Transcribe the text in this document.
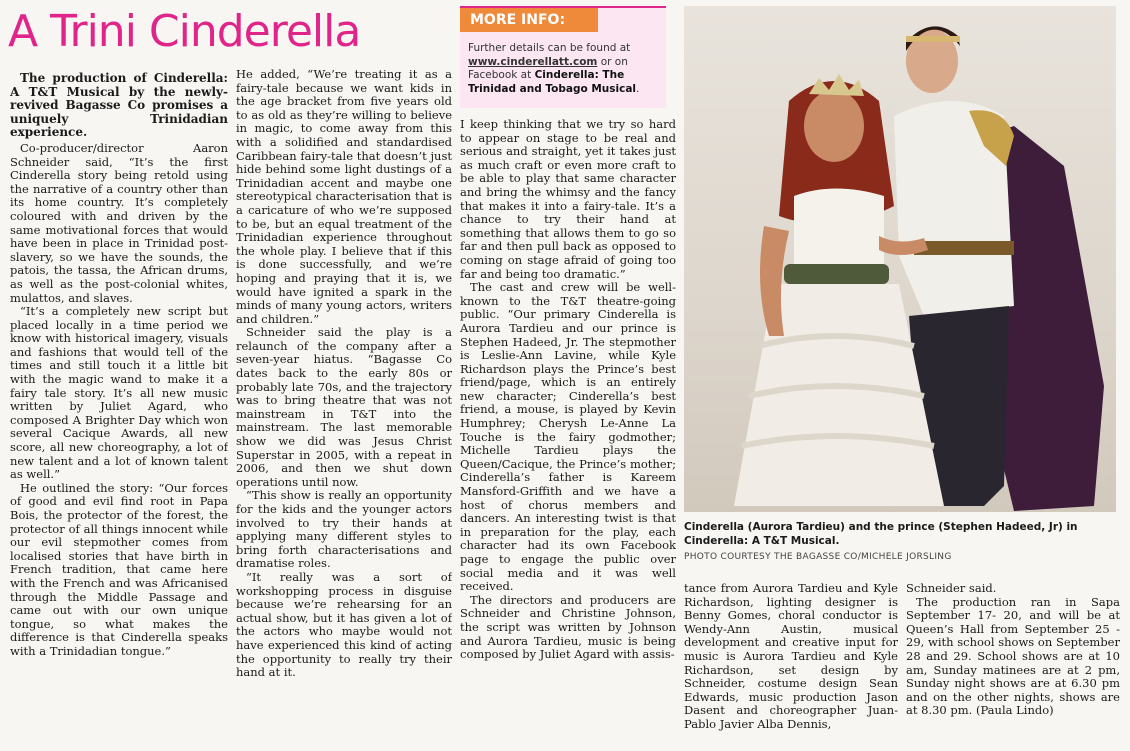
A Trini Cinderella

The production of Cinderella: A T&T Musical by the newly-revived Bagasse Co promises a uniquely Trinidadian experience.

Co-producer/director Aaron Schneider said, “It’s the first Cinderella story being retold using the narrative of a country other than its home country. It’s completely coloured with and driven by the same motivational forces that would have been in place in Trinidad post-slavery, so we have the sounds, the patois, the tassa, the African drums, as well as the post-colonial whites, mulattos, and slaves.

“It’s a completely new script but placed locally in a time period we know with historical imagery, visuals and fashions that would tell of the times and still touch it a little bit with the magic wand to make it a fairy tale story. It’s all new music written by Juliet Agard, who composed A Brighter Day which won several Cacique Awards, all new score, all new choreography, a lot of new talent and a lot of known talent as well.”

He outlined the story: “Our forces of good and evil find root in Papa Bois, the protector of the forest, the protector of all things innocent while our evil stepmother comes from localised stories that have birth in French tradition, that came here with the French and was Africanised through the Middle Passage and came out with our own unique tongue, so what makes the difference is that Cinderella speaks with a Trinidadian tongue.”

He added, “We’re treating it as a fairy-tale because we want kids in the age bracket from five years old to as old as they’re willing to believe in magic, to come away from this with a solidified and standardised Caribbean fairy-tale that doesn’t just hide behind some light dustings of a Trinidadian accent and maybe one stereotypical characterisation that is a caricature of who we’re supposed to be, but an equal treatment of the Trinidadian experience throughout the whole play. I believe that if this is done successfully, and we’re hoping and praying that it is, we would have ignited a spark in the minds of many young actors, writers and children.”

Schneider said the play is a relaunch of the company after a seven-year hiatus. “Bagasse Co dates back to the early 80s or probably late 70s, and the trajectory was to bring theatre that was not mainstream in T&T into the mainstream. The last memorable show we did was Jesus Christ Superstar in 2005, with a repeat in 2006, and then we shut down operations until now.

“This show is really an opportunity for the kids and the younger actors involved to try their hands at applying many different styles to bring forth characterisations and dramatise roles.

“It really was a sort of workshopping process in disguise because we’re rehearsing for an actual show, but it has given a lot of the actors who maybe would not have experienced this kind of acting the opportunity to really try their hand at it.

MORE INFO:
Further details can be found at www.cinderellatt.com or on Facebook at Cinderella: The Trinidad and Tobago Musical.

I keep thinking that we try so hard to appear on stage to be real and serious and straight, yet it takes just as much craft or even more craft to be able to play that same character and bring the whimsy and the fancy that makes it into a fairy-tale. It’s a chance to try their hand at something that allows them to go so far and then pull back as opposed to coming on stage afraid of going too far and being too dramatic.”

The cast and crew will be well-known to the T&T theatre-going public. “Our primary Cinderella is Aurora Tardieu and our prince is Stephen Hadeed, Jr. The stepmother is Leslie-Ann Lavine, while Kyle Richardson plays the Prince’s best friend/page, which is an entirely new character; Cinderella’s best friend, a mouse, is played by Kevin Humphrey; Cherysh Le-Anne La Touche is the fairy godmother; Michelle Tardieu plays the Queen/Cacique, the Prince’s mother; Cinderella’s father is Kareem Mansford-Griffith and we have a host of chorus members and dancers. An interesting twist is that in preparation for the play, each character had its own Facebook page to engage the public over social media and it was well received.

The directors and producers are Schneider and Christine Johnson, the script was written by Johnson and Aurora Tardieu, music is being composed by Juliet Agard with assis-

Cinderella (Aurora Tardieu) and the prince (Stephen Hadeed, Jr) in Cinderella: A T&T Musical.
PHOTO COURTESY THE BAGASSE CO/MICHELE JORSLING

tance from Aurora Tardieu and Kyle Richardson, lighting designer is Benny Gomes, choral conductor is Wendy-Ann Austin, musical development and creative input for music is Aurora Tardieu and Kyle Richardson, set design by Schneider, costume design Sean Edwards, music production Jason Dasent and choreographer Juan-Pablo Javier Alba Dennis,

Schneider said.

The production ran in Sapa September 17- 20, and will be at Queen’s Hall from September 25 - 29, with school shows on September 28 and 29. School shows are at 10 am, Sunday matinees are at 2 pm, Sunday night shows are at 6.30 pm and on the other nights, shows are at 8.30 pm. (Paula Lindo)
